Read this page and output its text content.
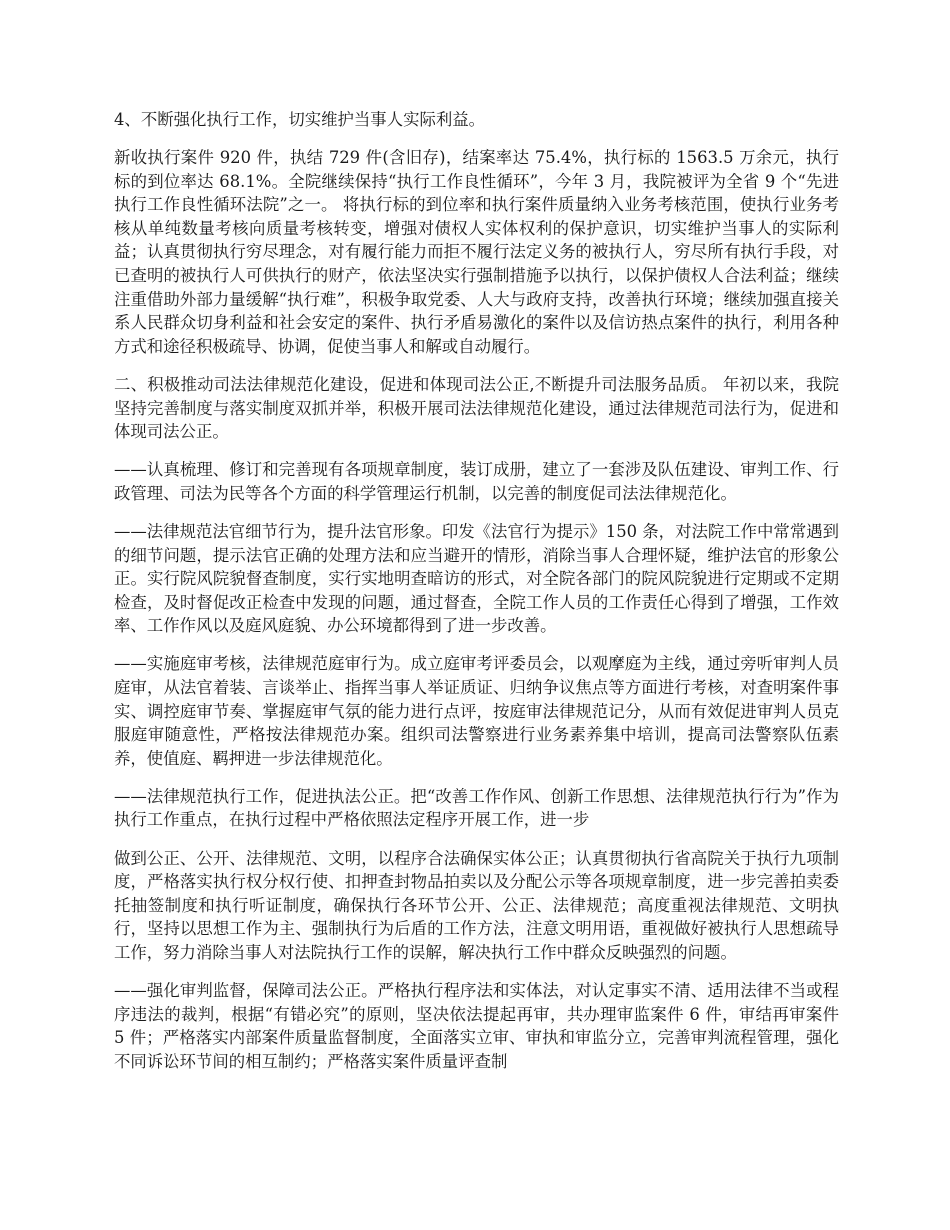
4、不断强化执行工作，切实维护当事人实际利益。

新收执行案件 920 件，执结 729 件(含旧存)，结案率达 75.4%，执行标的 1563.5 万余元，执行标的到位率达 68.1%。全院继续保持“执行工作良性循环”，今年 3 月，我院被评为全省 9 个“先进执行工作良性循环法院”之一。 将执行标的到位率和执行案件质量纳入业务考核范围，使执行业务考核从单纯数量考核向质量考核转变，增强对债权人实体权利的保护意识，切实维护当事人的实际利益；认真贯彻执行穷尽理念，对有履行能力而拒不履行法定义务的被执行人，穷尽所有执行手段，对已查明的被执行人可供执行的财产，依法坚决实行强制措施予以执行，以保护债权人合法利益；继续注重借助外部力量缓解“执行难”，积极争取党委、人大与政府支持，改善执行环境；继续加强直接关系人民群众切身利益和社会安定的案件、执行矛盾易激化的案件以及信访热点案件的执行，利用各种方式和途径积极疏导、协调，促使当事人和解或自动履行。

二、积极推动司法法律规范化建设，促进和体现司法公正,不断提升司法服务品质。 年初以来，我院坚持完善制度与落实制度双抓并举，积极开展司法法律规范化建设，通过法律规范司法行为，促进和体现司法公正。

——认真梳理、修订和完善现有各项规章制度，装订成册，建立了一套涉及队伍建设、审判工作、行政管理、司法为民等各个方面的科学管理运行机制，以完善的制度促司法法律规范化。

——法律规范法官细节行为，提升法官形象。印发《法官行为提示》150 条，对法院工作中常常遇到的细节问题，提示法官正确的处理方法和应当避开的情形，消除当事人合理怀疑，维护法官的形象公正。实行院风院貌督查制度，实行实地明查暗访的形式，对全院各部门的院风院貌进行定期或不定期检查，及时督促改正检查中发现的问题，通过督查，全院工作人员的工作责任心得到了增强，工作效率、工作作风以及庭风庭貌、办公环境都得到了进一步改善。

——实施庭审考核，法律规范庭审行为。成立庭审考评委员会，以观摩庭为主线，通过旁听审判人员庭审，从法官着装、言谈举止、指挥当事人举证质证、归纳争议焦点等方面进行考核，对查明案件事实、调控庭审节奏、掌握庭审气氛的能力进行点评，按庭审法律规范记分，从而有效促进审判人员克服庭审随意性，严格按法律规范办案。组织司法警察进行业务素养集中培训，提高司法警察队伍素养，使值庭、羁押进一步法律规范化。

——法律规范执行工作，促进执法公正。把“改善工作作风、创新工作思想、法律规范执行行为”作为执行工作重点，在执行过程中严格依照法定程序开展工作，进一步

做到公正、公开、法律规范、文明，以程序合法确保实体公正；认真贯彻执行省高院关于执行九项制度，严格落实执行权分权行使、扣押查封物品拍卖以及分配公示等各项规章制度，进一步完善拍卖委托抽签制度和执行听证制度，确保执行各环节公开、公正、法律规范；高度重视法律规范、文明执行，坚持以思想工作为主、强制执行为后盾的工作方法，注意文明用语，重视做好被执行人思想疏导工作，努力消除当事人对法院执行工作的误解，解决执行工作中群众反映强烈的问题。

——强化审判监督，保障司法公正。严格执行程序法和实体法，对认定事实不清、适用法律不当或程序违法的裁判，根据“有错必究”的原则，坚决依法提起再审，共办理审监案件 6 件，审结再审案件 5 件；严格落实内部案件质量监督制度，全面落实立审、审执和审监分立，完善审判流程管理，强化不同诉讼环节间的相互制约；严格落实案件质量评查制
